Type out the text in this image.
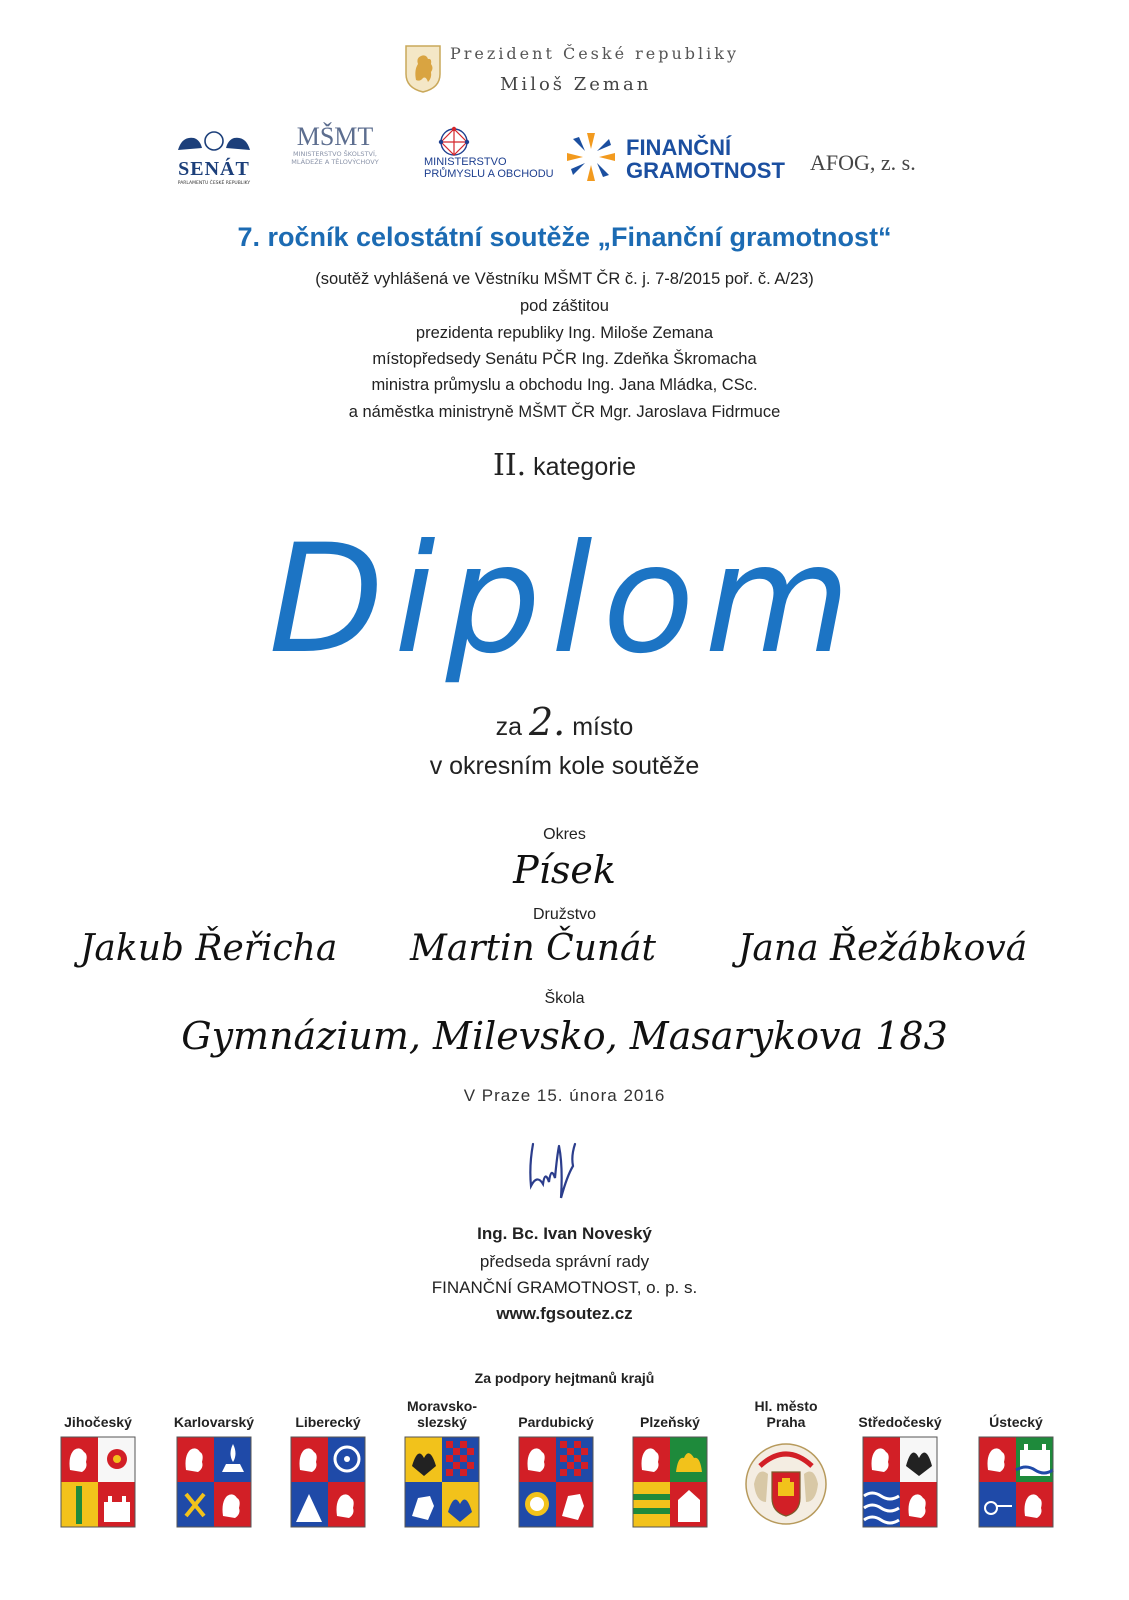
Prezident České republiky
Miloš Zeman
SENÁT
PARLAMENTU ČESKÉ REPUBLIKY
MŠMT
MINISTERSTVO ŠKOLSTVÍ,
MLÁDEŽE A TĚLOVÝCHOVY	MINISTERSTVO
PRŮMYSLU A OBCHODU
FINANČNÍ
GRAMOTNOST AFOG, z. s.
7. ročník celostátní soutěže „Finanční gramotnost“
(soutěž vyhlášená ve Věstníku MŠMT ČR č. j. 7-8/2015 poř. č. A/23)
pod záštitou
prezidenta republiky Ing. Miloše Zemana
místopředsedy Senátu PČR Ing. Zdeňka Škromacha
ministra průmyslu a obchodu Ing. Jana Mládka, CSc.
a náměstka ministryně MŠMT ČR Mgr. Jaroslava Fidrmuce
II. kategorie
Diplom
za 2. místo
v okresním kole soutěže
Okres
Písek
Družstvo
Jakub Řeřicha Martin Čunát Jana Řežábková
Škola
Gymnázium, Milevsko, Masarykova 183
V Praze 15. února 2016
Ing. Bc. Ivan Noveský
předseda správní rady
FINANČNÍ GRAMOTNOST, o. p. s.
www.fgsoutez.cz
Za podpory hejtmanů krajů
Jihočeský	Karlovarský	Liberecký
Moravsko-
slezský	Pardubický	Plzeňský
Hl. město
Praha	Středočeský	Ústecký
